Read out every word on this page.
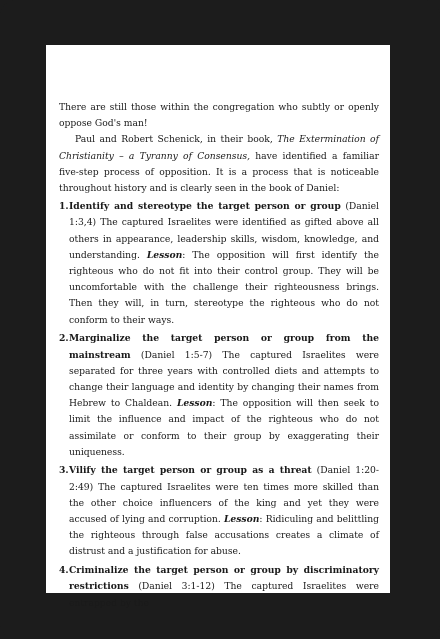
There are still those within the congregation who subtly or openly oppose God's man!

Paul and Robert Schenick, in their book, The Extermination of Christianity – a Tyranny of Consensus, have identified a familiar five-step process of opposition. It is a process that is noticeable throughout history and is clearly seen in the book of Daniel:

1. Identify and stereotype the target person or group (Daniel 1:3,4) The captured Israelites were identified as gifted above all others in appearance, leadership skills, wisdom, knowledge, and understanding. Lesson: The opposition will first identify the righteous who do not fit into their control group. They will be uncomfortable with the challenge their righteousness brings. Then they will, in turn, stereotype the righteous who do not conform to their ways.
2. Marginalize the target person or group from the mainstream (Daniel 1:5-7) The captured Israelites were separated for three years with controlled diets and attempts to change their language and identity by changing their names from Hebrew to Chaldean. Lesson: The opposition will then seek to limit the influence and impact of the righteous who do not assimilate or conform to their group by exaggerating their uniqueness.
3. Vilify the target person or group as a threat (Daniel 1:20-2:49) The captured Israelites were ten times more skilled than the other choice influencers of the king and yet they were accused of lying and corruption. Lesson: Ridiculing and belittling the righteous through false accusations creates a climate of distrust and a justification for abuse.
4. Criminalize the target person or group by discriminatory restrictions (Daniel 3:1-12) The captured Israelites were entrapped by the
